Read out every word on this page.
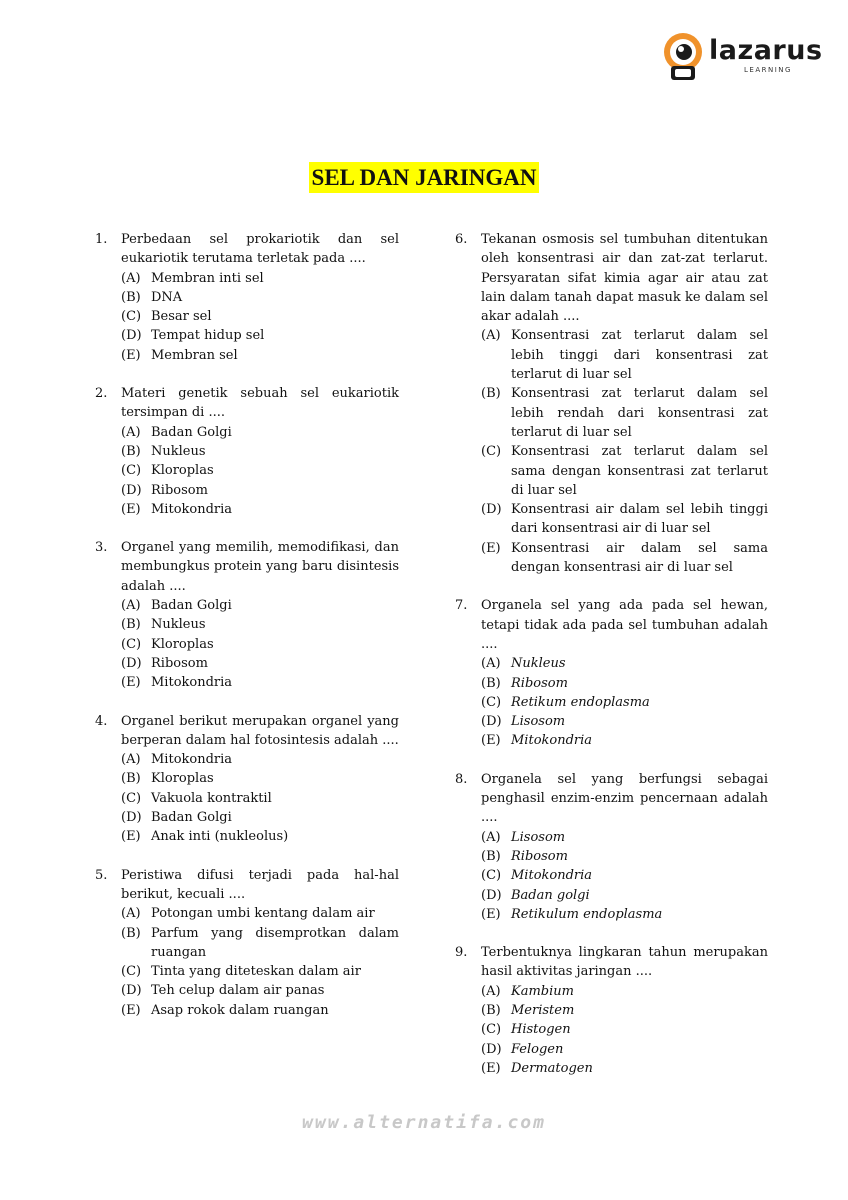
lazarus
LEARNING
SEL DAN JARINGAN
1.	Perbedaan sel prokariotik dan sel eukariotik terutama terletak pada ....
(A) Membran inti sel
(B) DNA
(C) Besar sel
(D) Tempat hidup sel
(E) Membran sel
2.	Materi genetik sebuah sel eukariotik tersimpan di ....
(A) Badan Golgi
(B) Nukleus
(C) Kloroplas
(D) Ribosom
(E) Mitokondria
3.	Organel yang memilih, memodifikasi, dan membungkus protein yang baru disintesis adalah ....
(A) Badan Golgi
(B) Nukleus
(C) Kloroplas
(D) Ribosom
(E) Mitokondria
4.	Organel berikut merupakan organel yang berperan dalam hal fotosintesis adalah ....
(A) Mitokondria
(B) Kloroplas
(C) Vakuola kontraktil
(D) Badan Golgi
(E) Anak inti (nukleolus)
5.	Peristiwa difusi terjadi pada hal-hal berikut, kecuali ....
(A) Potongan umbi kentang dalam air
(B) Parfum yang disemprotkan dalam ruangan
(C) Tinta yang diteteskan dalam air
(D) Teh celup dalam air panas
(E) Asap rokok dalam ruangan
6.	Tekanan osmosis sel tumbuhan ditentukan oleh konsentrasi air dan zat-zat terlarut. Persyaratan sifat kimia agar air atau zat lain dalam tanah dapat masuk ke dalam sel akar adalah ....
(A) Konsentrasi zat terlarut dalam sel lebih tinggi dari konsentrasi zat terlarut di luar sel
(B) Konsentrasi zat terlarut dalam sel lebih rendah dari konsentrasi zat terlarut di luar sel
(C) Konsentrasi zat terlarut dalam sel sama dengan konsentrasi zat terlarut di luar sel
(D) Konsentrasi air dalam sel lebih tinggi dari konsentrasi air di luar sel
(E) Konsentrasi air dalam sel sama dengan konsentrasi air di luar sel
7.	Organela sel yang ada pada sel hewan, tetapi tidak ada pada sel tumbuhan adalah ....
(A) Nukleus
(B) Ribosom
(C) Retikum endoplasma
(D) Lisosom
(E) Mitokondria
8.	Organela sel yang berfungsi sebagai penghasil enzim-enzim pencernaan adalah ....
(A) Lisosom
(B) Ribosom
(C) Mitokondria
(D) Badan golgi
(E) Retikulum endoplasma
9.	Terbentuknya lingkaran tahun merupakan hasil aktivitas jaringan ....
(A) Kambium
(B) Meristem
(C) Histogen
(D) Felogen
(E) Dermatogen
www.alternatifa.com
